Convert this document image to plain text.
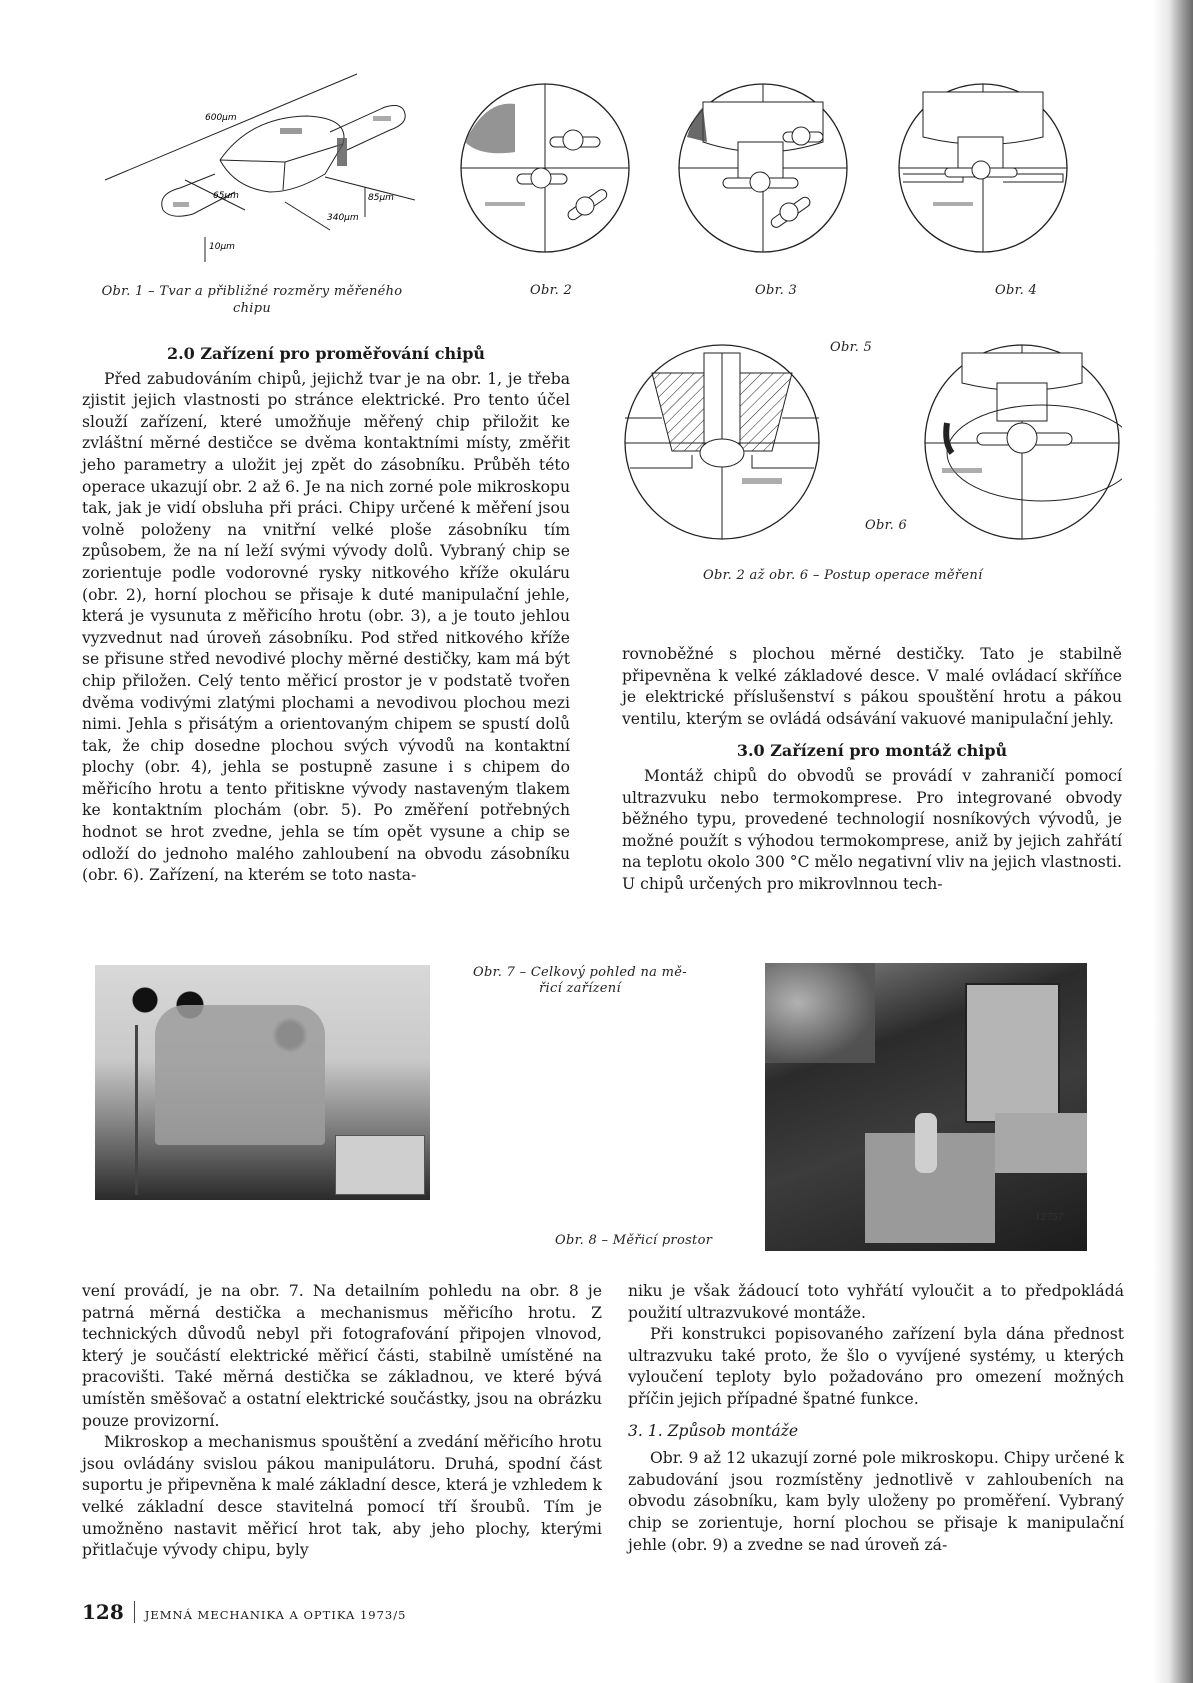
600µm
65µm	85µm
340µm
10µm
Obr. 1 – Tvar a přibližné rozměry měřeného
chipu
Obr. 2	Obr. 3	Obr. 4
Obr. 5
Obr. 6
Obr. 2 až obr. 6 – Postup operace měření
2.0 Zařízení pro proměřování chipů

Před zabudováním chipů, jejichž tvar je na obr. 1, je třeba zjistit jejich vlastnosti po stránce elektrické. Pro tento účel slouží zařízení, které umožňuje měřený chip přiložit ke zvláštní měrné destičce se dvěma kontaktními místy, změřit jeho parametry a uložit jej zpět do zásobníku. Průběh této operace ukazují obr. 2 až 6. Je na nich zorné pole mikroskopu tak, jak je vidí obsluha při práci. Chipy určené k měření jsou volně položeny na vnitřní velké ploše zásobníku tím způsobem, že na ní leží svými vývody dolů. Vybraný chip se zorientuje podle vodorovné rysky nitkového kříže okuláru (obr. 2), horní plochou se přisaje k duté manipulační jehle, která je vysunuta z měřicího hrotu (obr. 3), a je touto jehlou vyzvednut nad úroveň zásobníku. Pod střed nitkového kříže se přisune střed nevodivé plochy měrné destičky, kam má být chip přiložen. Celý tento měřicí prostor je v podstatě tvořen dvěma vodivými zlatými plochami a nevodivou plochou mezi nimi. Jehla s přisátým a orientovaným chipem se spustí dolů tak, že chip dosedne plochou svých vývodů na kontaktní plochy (obr. 4), jehla se postupně zasune i s chipem do měřicího hrotu a tento přitiskne vývody nastaveným tlakem ke kontaktním plochám (obr. 5). Po změření potřebných hodnot se hrot zvedne, jehla se tím opět vysune a chip se odloží do jednoho malého zahloubení na obvodu zásobníku (obr. 6). Zařízení, na kterém se toto nasta-

rovnoběžné s plochou měrné destičky. Tato je stabilně připevněna k velké základové desce. V malé ovládací skříňce je elektrické příslušenství s pákou spouštění hrotu a pákou ventilu, kterým se ovládá odsávání vakuové manipulační jehly.

3.0 Zařízení pro montáž chipů

Montáž chipů do obvodů se provádí v zahraničí pomocí ultrazvuku nebo termokomprese. Pro integrované obvody běžného typu, provedené technologií nosníkových vývodů, je možné použít s výhodou termokomprese, aniž by jejich zahřátí na teplotu okolo 300 °C mělo negativní vliv na jejich vlastnosti. U chipů určených pro mikrovlnnou tech-

Obr. 7 – Celkový pohled na mě-
řicí zařízení
12757
Obr. 8 – Měřicí prostor

vení provádí, je na obr. 7. Na detailním pohledu na obr. 8 je patrná měrná destička a mechanismus měřicího hrotu. Z technických důvodů nebyl při fotografování připojen vlnovod, který je součástí elektrické měřicí části, stabilně umístěné na pracovišti. Také měrná destička se základnou, ve které bývá umístěn směšovač a ostatní elektrické součástky, jsou na obrázku pouze provizorní.

Mikroskop a mechanismus spouštění a zvedání měřicího hrotu jsou ovládány svislou pákou manipulátoru. Druhá, spodní část suportu je připevněna k malé základní desce, která je vzhledem k velké základní desce stavitelná pomocí tří šroubů. Tím je umožněno nastavit měřicí hrot tak, aby jeho plochy, kterými přitlačuje vývody chipu, byly

niku je však žádoucí toto vyhřátí vyloučit a to předpokládá použití ultrazvukové montáže.

Při konstrukci popisovaného zařízení byla dána přednost ultrazvuku také proto, že šlo o vyvíjené systémy, u kterých vyloučení teploty bylo požadováno pro omezení možných příčin jejich případné špatné funkce.

3. 1. Způsob montáže

Obr. 9 až 12 ukazují zorné pole mikroskopu. Chipy určené k zabudování jsou rozmístěny jednotlivě v zahloubeních na obvodu zásobníku, kam byly uloženy po proměření. Vybraný chip se zorientuje, horní plochou se přisaje k manipulační jehle (obr. 9) a zvedne se nad úroveň zá-

128 JEMNÁ MECHANIKA A OPTIKA 1973/5
